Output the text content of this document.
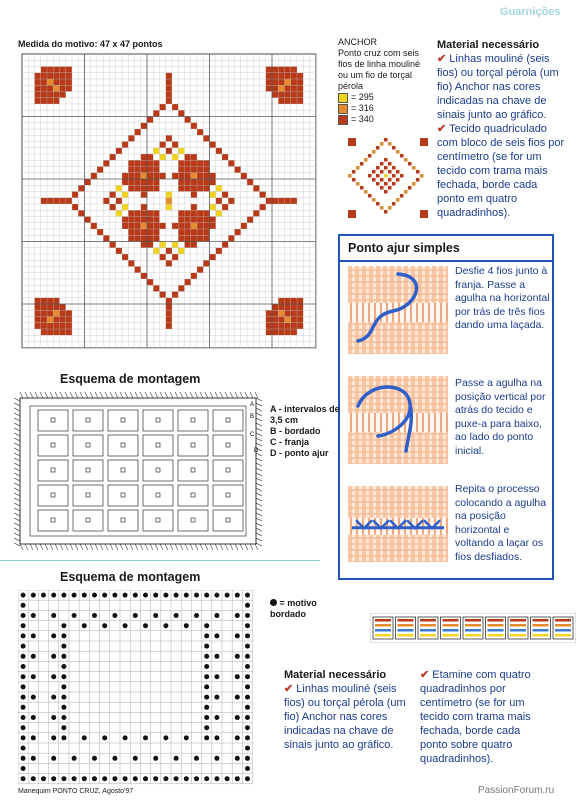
Guarnições
Medida do motivo: 47 x 47 pontos	ANCHOR
Ponto cruz com seis fios de linha mouliné ou um fio de torçal pérola
= 295
= 316
= 340
Material necessário
✔ Linhas mouliné (seis fios) ou torçal pérola (um fio) Anchor nas cores indicadas na chave de sinais junto ao gráfico.
✔ Tecido quadriculado com bloco de seis fios por centímetro (se for um tecido com trama mais fechada, borde cada ponto em quatro quadradinhos).
Ponto ajur simples
Desfie 4 fios junto à franja. Passe a agulha na horizontal por trás de três fios dando uma laçada.
Passe a agulha na posição vertical por atrás do tecido e puxe-a para baixo, ao lado do ponto inicial.
Repita o processo colocando a agulha na posição horizontal e voltando a laçar os fios desfiados.
Esquema de montagem
A
B
C
D
A - intervalos de 3,5 cm
B - bordado
C - franja
D - ponto ajur
Esquema de montagem
= motivo bordado
Material necessário
✔ Linhas mouliné (seis fios) ou torçal pérola (um fio) Anchor nas cores indicadas na chave de sinais junto ao gráfico.
✔ Etamine com quatro quadradinhos por centímetro (se for um tecido com trama mais fechada, borde cada ponto sobre quatro quadradinhos).
Manequim PONTO CRUZ, Agosto'97	PassionForum.ru
